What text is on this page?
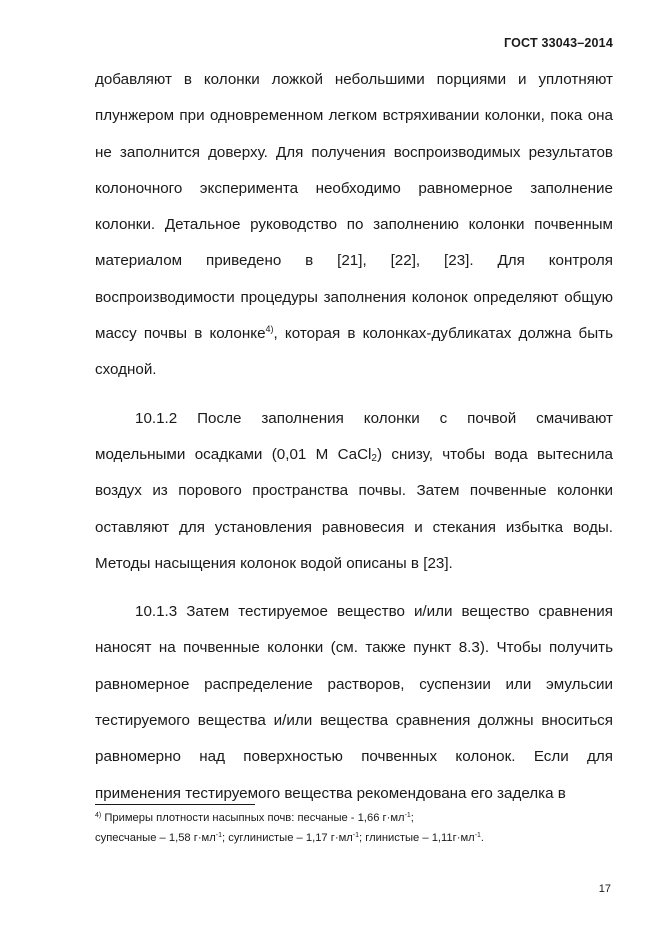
ГОСТ 33043–2014

добавляют в колонки ложкой небольшими порциями и уплотняют плунжером при одновременном легком встряхивании колонки, пока она не заполнится доверху. Для получения воспроизводимых результатов колоночного эксперимента необходимо равномерное заполнение колонки. Детальное руководство по заполнению колонки почвенным материалом приведено в [21], [22], [23]. Для контроля воспроизводимости процедуры заполнения колонок определяют общую массу почвы в колонке$^{4)}$, которая в колонках-дубликатах должна быть сходной.

10.1.2 После заполнения колонки с почвой смачивают модельными осадками (0,01 М CaCl$_2$) снизу, чтобы вода вытеснила воздух из порового пространства почвы. Затем почвенные колонки оставляют для установления равновесия и стекания избытка воды. Методы насыщения колонок водой описаны в [23].

10.1.3 Затем тестируемое вещество и/или вещество сравнения наносят на почвенные колонки (см. также пункт 8.3). Чтобы получить равномерное распределение растворов, суспензии или эмульсии тестируемого вещества и/или вещества сравнения должны вноситься равномерно над поверхностью почвенных колонок. Если для применения тестируемого вещества рекомендована его заделка в

$^{4)}$ Примеры плотности насыпных почв: песчаные - 1,66 г·мл$^{-1}$;
супесчаные – 1,58 г·мл$^{-1}$; суглинистые – 1,17 г·мл$^{-1}$; глинистые – 1,11г·мл$^{-1}$.

17
